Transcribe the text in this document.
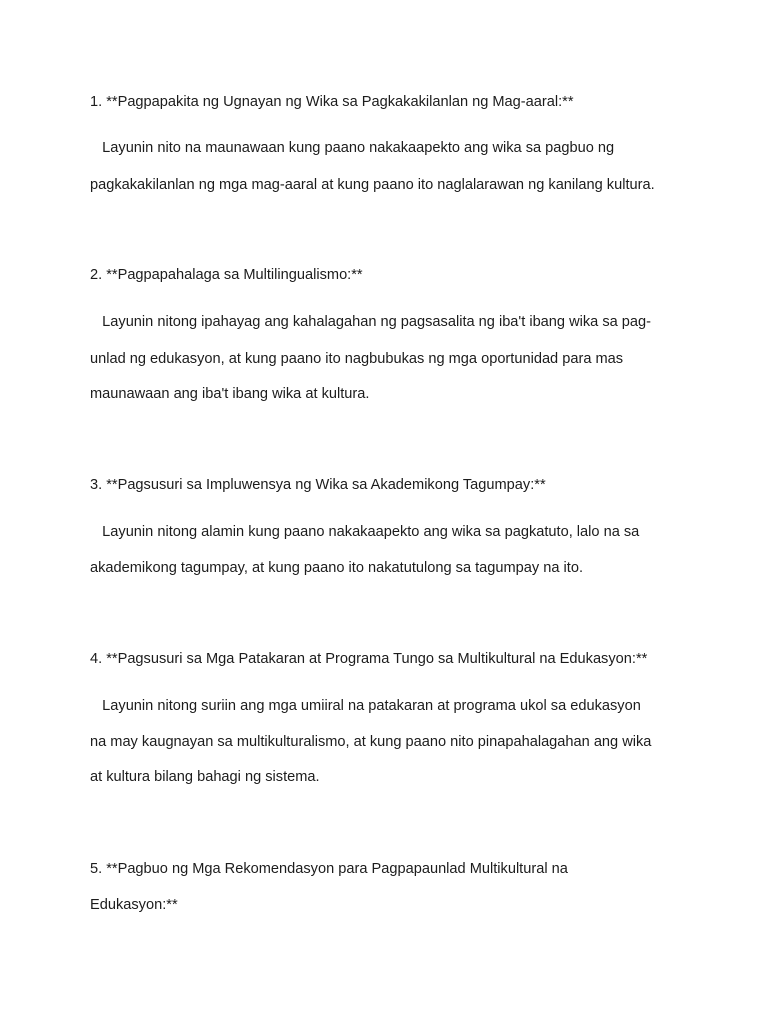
1. **Pagpapakita ng Ugnayan ng Wika sa Pagkakakilanlan ng Mag-aaral:**
Layunin nito na maunawaan kung paano nakakaapekto ang wika sa pagbuo ng
pagkakakilanlan ng mga mag-aaral at kung paano ito naglalarawan ng kanilang kultura.
2. **Pagpapahalaga sa Multilingualismo:**
Layunin nitong ipahayag ang kahalagahan ng pagsasalita ng iba't ibang wika sa pag-
unlad ng edukasyon, at kung paano ito nagbubukas ng mga oportunidad para mas
maunawaan ang iba't ibang wika at kultura.
3. **Pagsusuri sa Impluwensya ng Wika sa Akademikong Tagumpay:**
Layunin nitong alamin kung paano nakakaapekto ang wika sa pagkatuto, lalo na sa
akademikong tagumpay, at kung paano ito nakatutulong sa tagumpay na ito.
4. **Pagsusuri sa Mga Patakaran at Programa Tungo sa Multikultural na Edukasyon:**
Layunin nitong suriin ang mga umiiral na patakaran at programa ukol sa edukasyon
na may kaugnayan sa multikulturalismo, at kung paano nito pinapahalagahan ang wika
at kultura bilang bahagi ng sistema.
5. **Pagbuo ng Mga Rekomendasyon para Pagpapaunlad Multikultural na
Edukasyon:**
